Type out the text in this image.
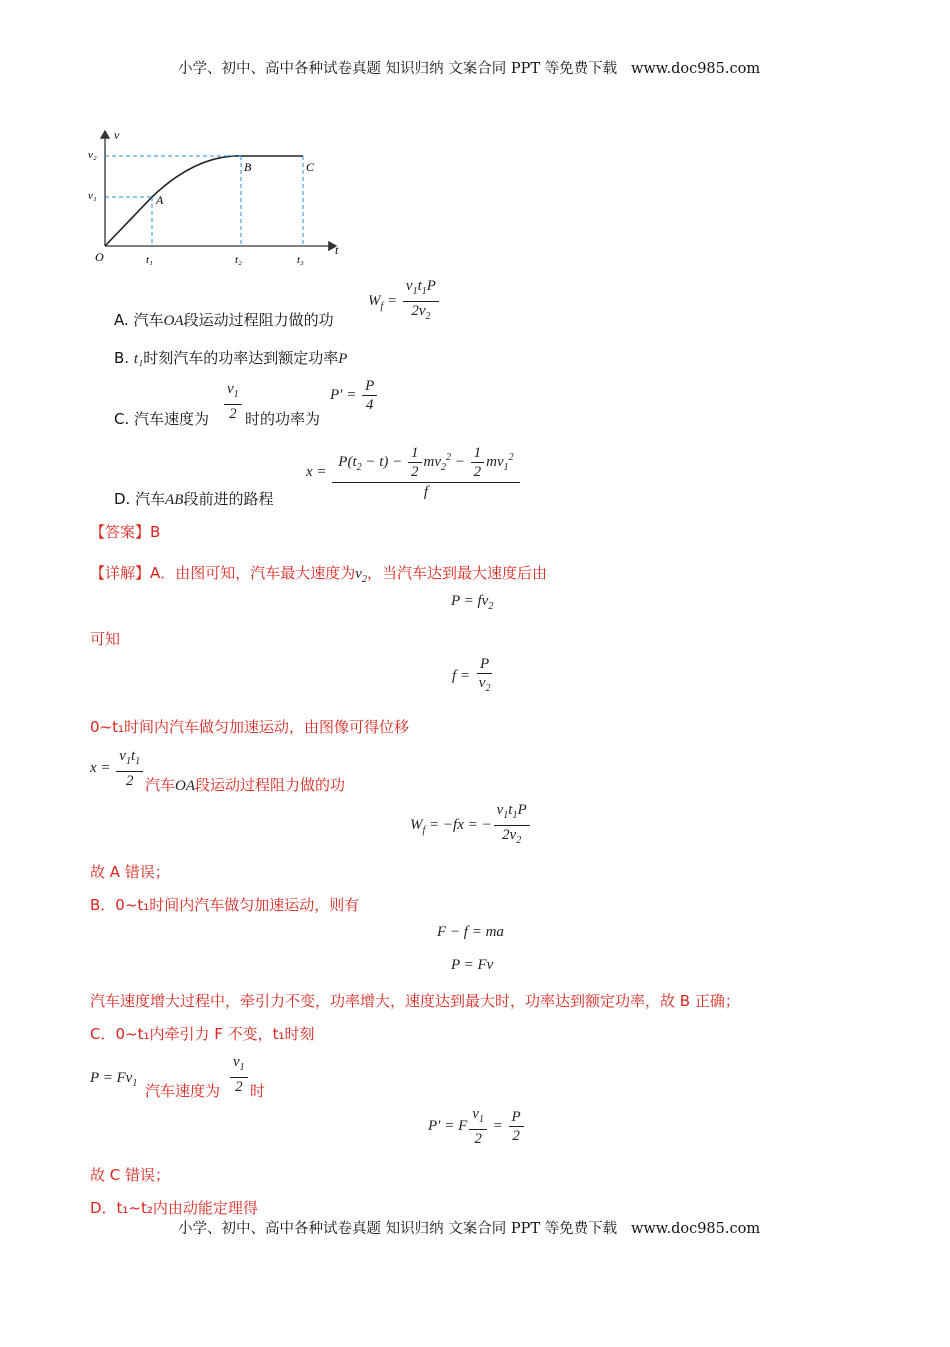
小学、初中、高中各种试卷真题 知识归纳 文案合同 PPT 等免费下载 www.doc985.com
v
t
O
v₁
v₂
t₁	t₂	t₃
A
B	C
A. 汽车OA段运动过程阻力做的功
$W_f = \frac{v_1t_1P}{2v_2}$
B. t₁时刻汽车的功率达到额定功率P
C. 汽车速度为 $\frac{v_1}{2}$ 时的功率为
$P' = \frac{P}{4}$
$x = \frac{P(t_2 - t) - \frac{1}{2} mv_2^2 - \frac{1}{2} mv_1^2}{f}$
D. 汽车AB段前进的路程
【答案】B
【详解】A．由图可知，汽车最大速度为$v_2$，当汽车达到最大速度后由
$P = fv_2$
可知
$f = \frac{P}{v_2}$
0~t₁时间内汽车做匀加速运动，由图像可得位移
$x = \frac{v_1t_1}{2}$ 汽车OA段运动过程阻力做的功
$W_f = -fx$ = − $\frac{v_1t_1P}{2v_2}$
故 A 错误；
B．0~t₁时间内汽车做匀加速运动，则有
F − f = ma
P = Fv
汽车速度增大过程中，牵引力不变，功率增大，速度达到最大时，功率达到额定功率，故 B 正确；
C．0~t₁内牵引力 F 不变，t₁时刻
$P = Fv_1$ 汽车速度为 $\frac{v_1}{2}$ 时
P′ = F $\frac{v_1}{2} = \frac{P}{2}$
故 C 错误；
D．t₁~t₂内由动能定理得
小学、初中、高中各种试卷真题 知识归纳 文案合同 PPT 等免费下载 www.doc985.com
